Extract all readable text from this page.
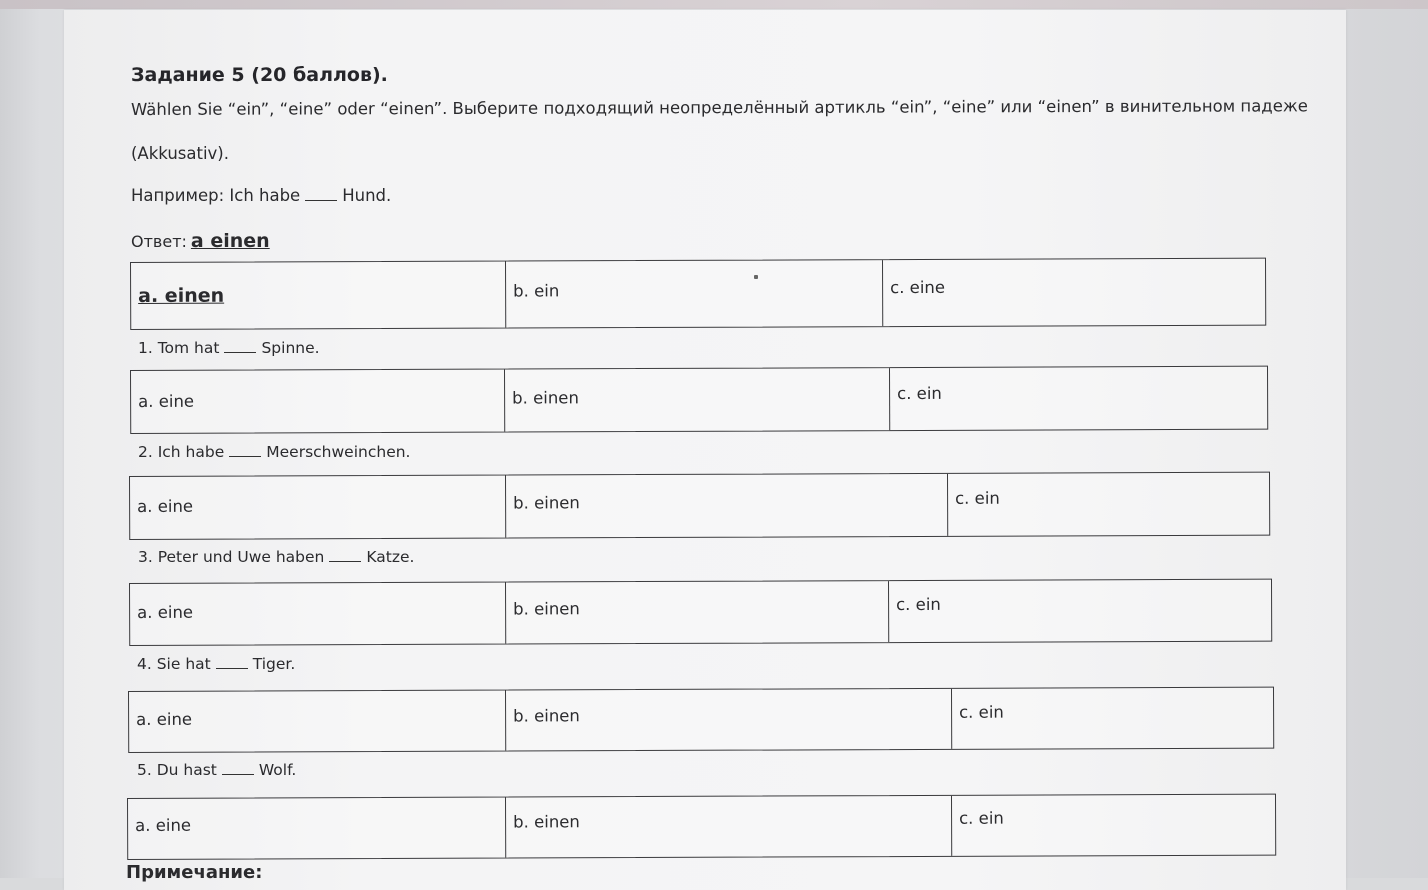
Задание 5 (20 баллов).
Wählen Sie “ein”, “eine” oder “einen”. Выберите подходящий неопределённый артикль “ein”, “eine” или “einen” в винительном падеже
(Akkusativ).
Например: Ich habe	Hund.
Ответ: a einen
a. einen	b. ein	c. eine
1. Tom hat	Spinne.
a. eine	b. einen	c. ein
2. Ich habe	Meerschweinchen.
a. eine	b. einen	c. ein
3. Peter und Uwe haben	Katze.
a. eine	b. einen	c. ein
4. Sie hat	Tiger.
a. eine	b. einen	c. ein
5. Du hast	Wolf.
a. eine	b. einen	c. ein
Примечание:
